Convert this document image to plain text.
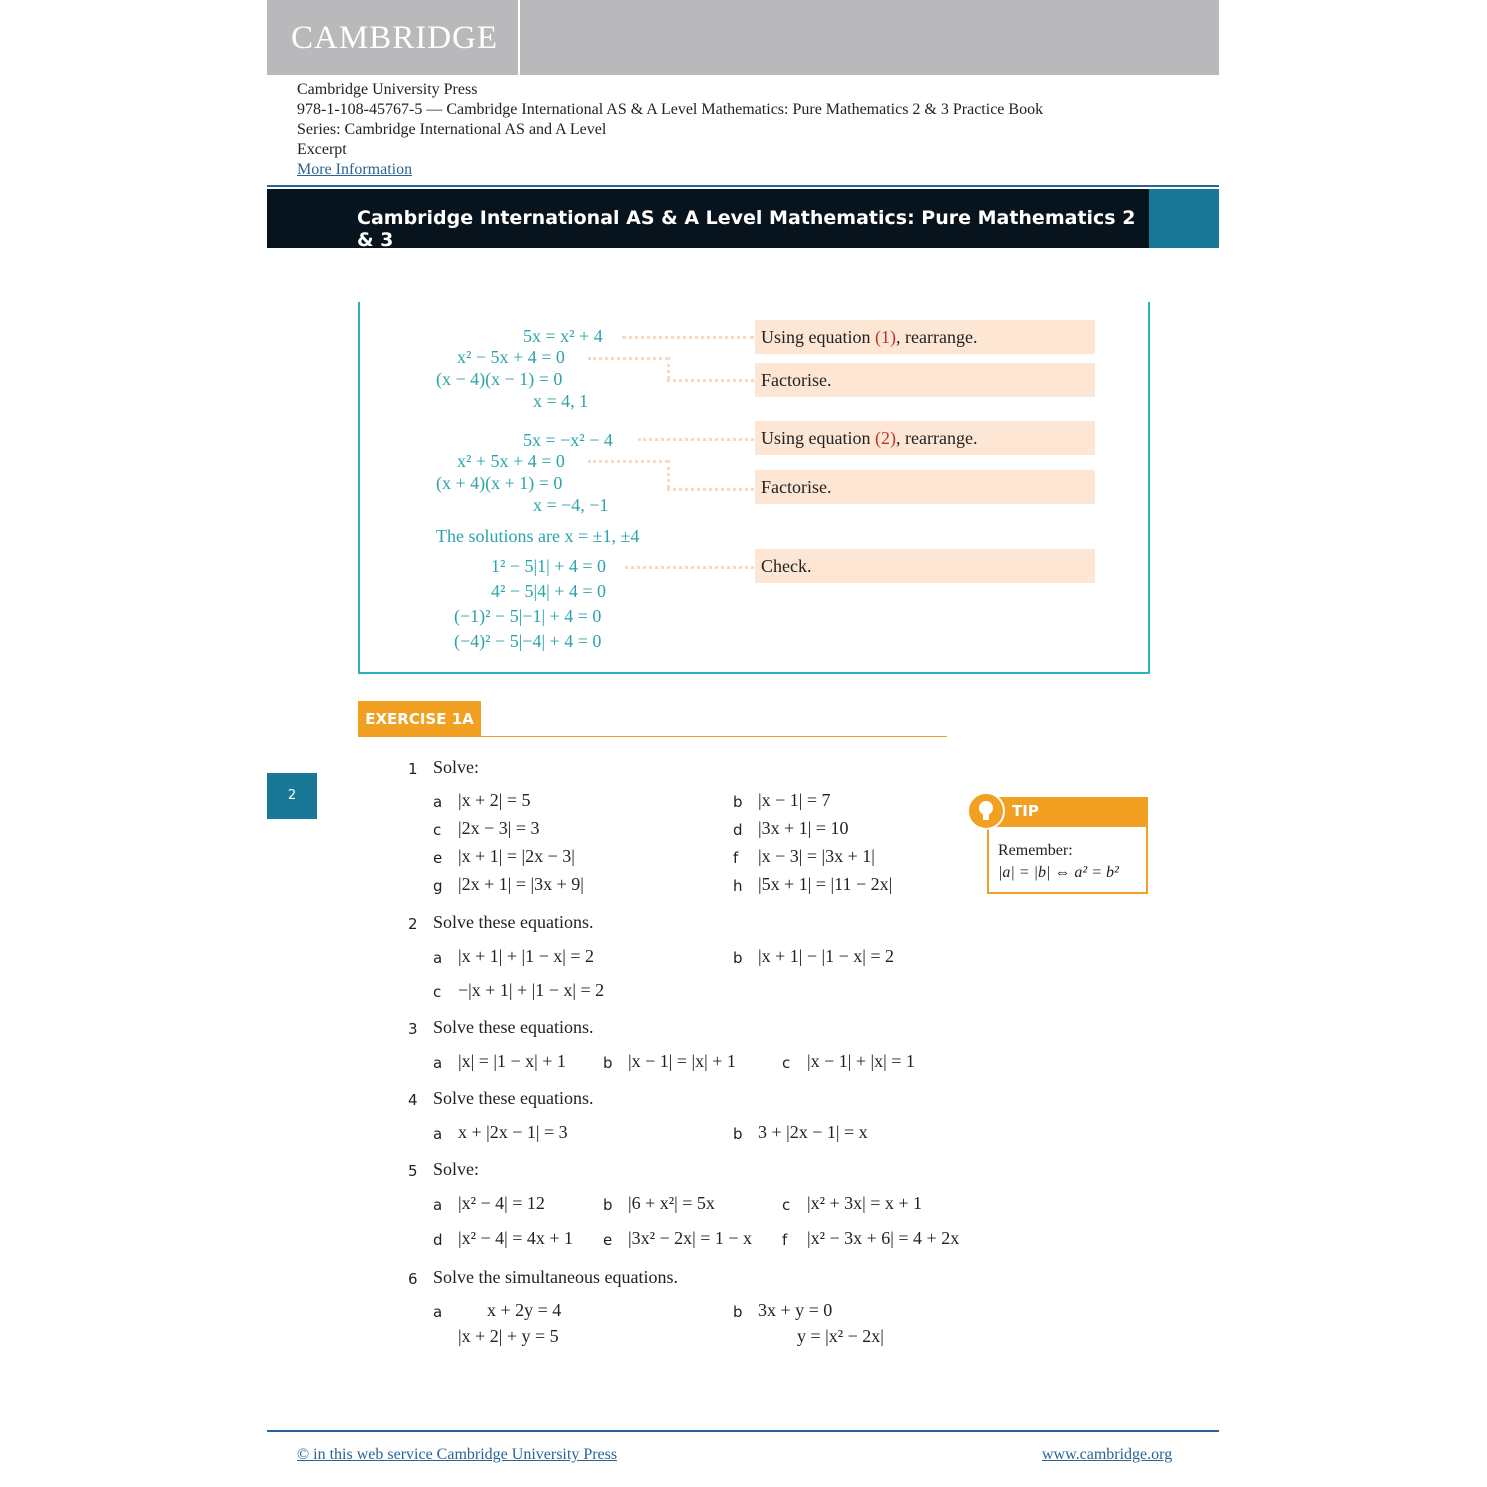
CAMBRIDGE
Cambridge University Press
978-1-108-45767-5 — Cambridge International AS & A Level Mathematics: Pure Mathematics 2 & 3 Practice Book
Series: Cambridge International AS and A Level
Excerpt
More Information
Cambridge International AS & A Level Mathematics: Pure Mathematics 2 & 3
5x = x² + 4
x² − 5x + 4 = 0
(x − 4)(x − 1) = 0
x = 4, 1
5x = −x² − 4
x² + 5x + 4 = 0
(x + 4)(x + 1) = 0
x = −4, −1
The solutions are x = ±1, ±4
1² − 5|1| + 4 = 0
4² − 5|4| + 4 = 0
(−1)² − 5|−1| + 4 = 0
(−4)² − 5|−4| + 4 = 0
Using equation (1), rearrange.
Factorise.
Using equation (2), rearrange.
Factorise.
Check.
EXERCISE 1A
2
TIP
Remember:
|a| = |b| ⇔ a² = b²
1 Solve:
a |x + 2| = 5	b |x − 1| = 7
c |2x − 3| = 3	d |3x + 1| = 10
e |x + 1| = |2x − 3|	f |x − 3| = |3x + 1|
g |2x + 1| = |3x + 9|	h |5x + 1| = |11 − 2x|
2 Solve these equations.
a |x + 1| + |1 − x| = 2	b |x + 1| − |1 − x| = 2
c −|x + 1| + |1 − x| = 2
3 Solve these equations.
a |x| = |1 − x| + 1 b |x − 1| = |x| + 1	c |x − 1| + |x| = 1
4 Solve these equations.
a x + |2x − 1| = 3	b 3 + |2x − 1| = x
5 Solve:
a |x² − 4| = 12	b |6 + x²| = 5x	c |x² + 3x| = x + 1
d |x² − 4| = 4x + 1 e |3x² − 2x| = 1 − x f |x² − 3x + 6| = 4 + 2x
6 Solve the simultaneous equations.
a x + 2y = 4
|x + 2| + y = 5
b 3x + y = 0
y = |x² − 2x|
© in this web service Cambridge University Press	www.cambridge.org
